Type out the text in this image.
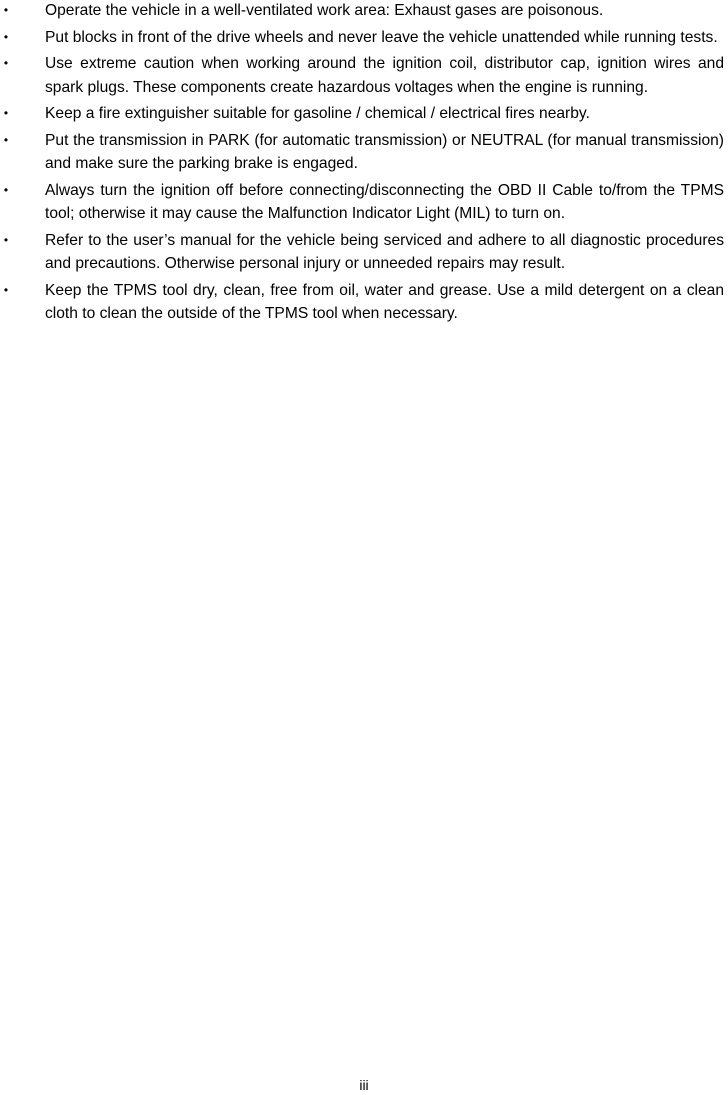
• Operate the vehicle in a well-ventilated work area: Exhaust gases are poisonous.
• Put blocks in front of the drive wheels and never leave the vehicle unattended while running tests.
• Use extreme caution when working around the ignition coil, distributor cap, ignition wires and spark plugs. These components create hazardous voltages when the engine is running.
• Keep a fire extinguisher suitable for gasoline / chemical / electrical fires nearby.
• Put the transmission in PARK (for automatic transmission) or NEUTRAL (for manual transmission) and make sure the parking brake is engaged.
• Always turn the ignition off before connecting/disconnecting the OBD II Cable to/from the TPMS tool; otherwise it may cause the Malfunction Indicator Light (MIL) to turn on.
• Refer to the user’s manual for the vehicle being serviced and adhere to all diagnostic procedures and precautions. Otherwise personal injury or unneeded repairs may result.
• Keep the TPMS tool dry, clean, free from oil, water and grease. Use a mild detergent on a clean cloth to clean the outside of the TPMS tool when necessary.
iii
